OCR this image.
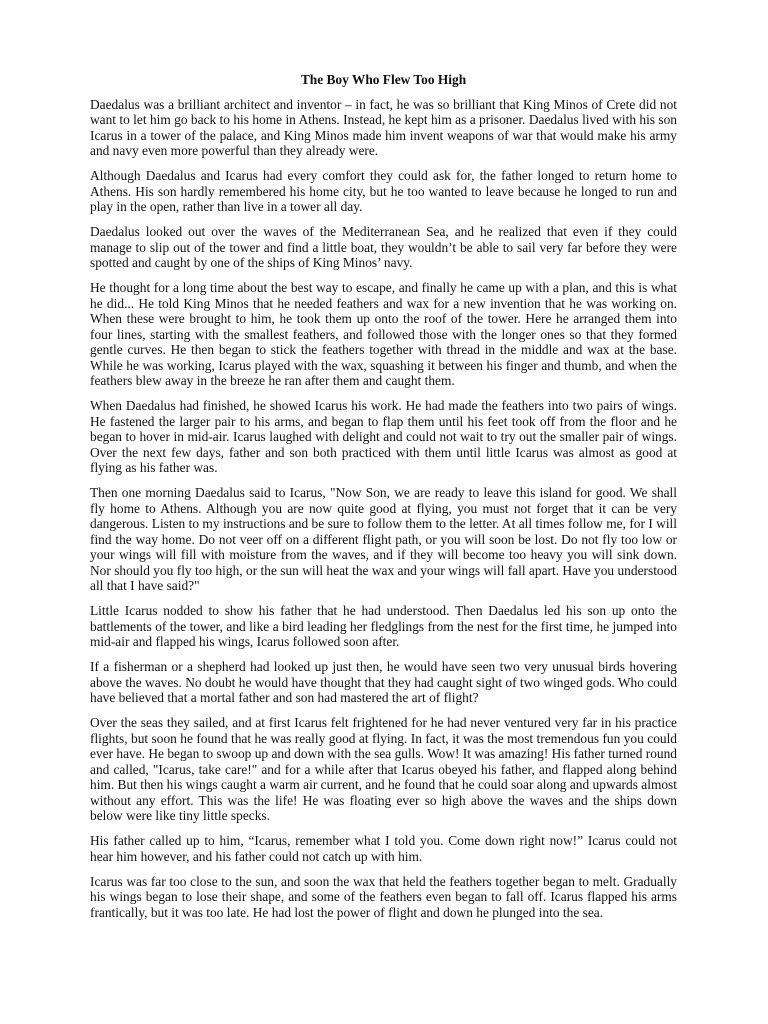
The Boy Who Flew Too High

Daedalus was a brilliant architect and inventor – in fact, he was so brilliant that King Minos of Crete did not want to let him go back to his home in Athens. Instead, he kept him as a prisoner. Daedalus lived with his son Icarus in a tower of the palace, and King Minos made him invent weapons of war that would make his army and navy even more powerful than they already were.

Although Daedalus and Icarus had every comfort they could ask for, the father longed to return home to Athens. His son hardly remembered his home city, but he too wanted to leave because he longed to run and play in the open, rather than live in a tower all day.

Daedalus looked out over the waves of the Mediterranean Sea, and he realized that even if they could manage to slip out of the tower and find a little boat, they wouldn’t be able to sail very far before they were spotted and caught by one of the ships of King Minos’ navy.

He thought for a long time about the best way to escape, and finally he came up with a plan, and this is what he did... He told King Minos that he needed feathers and wax for a new invention that he was working on. When these were brought to him, he took them up onto the roof of the tower. Here he arranged them into four lines, starting with the smallest feathers, and followed those with the longer ones so that they formed gentle curves. He then began to stick the feathers together with thread in the middle and wax at the base. While he was working, Icarus played with the wax, squashing it between his finger and thumb, and when the feathers blew away in the breeze he ran after them and caught them.

When Daedalus had finished, he showed Icarus his work. He had made the feathers into two pairs of wings. He fastened the larger pair to his arms, and began to flap them until his feet took off from the floor and he began to hover in mid-air. Icarus laughed with delight and could not wait to try out the smaller pair of wings. Over the next few days, father and son both practiced with them until little Icarus was almost as good at flying as his father was.

Then one morning Daedalus said to Icarus, "Now Son, we are ready to leave this island for good. We shall fly home to Athens. Although you are now quite good at flying, you must not forget that it can be very dangerous. Listen to my instructions and be sure to follow them to the letter. At all times follow me, for I will find the way home. Do not veer off on a different flight path, or you will soon be lost. Do not fly too low or your wings will fill with moisture from the waves, and if they will become too heavy you will sink down. Nor should you fly too high, or the sun will heat the wax and your wings will fall apart. Have you understood all that I have said?"

Little Icarus nodded to show his father that he had understood. Then Daedalus led his son up onto the battlements of the tower, and like a bird leading her fledglings from the nest for the first time, he jumped into mid-air and flapped his wings, Icarus followed soon after.

If a fisherman or a shepherd had looked up just then, he would have seen two very unusual birds hovering above the waves. No doubt he would have thought that they had caught sight of two winged gods. Who could have believed that a mortal father and son had mastered the art of flight?

Over the seas they sailed, and at first Icarus felt frightened for he had never ventured very far in his practice flights, but soon he found that he was really good at flying. In fact, it was the most tremendous fun you could ever have. He began to swoop up and down with the sea gulls. Wow! It was amazing! His father turned round and called, "Icarus, take care!" and for a while after that Icarus obeyed his father, and flapped along behind him. But then his wings caught a warm air current, and he found that he could soar along and upwards almost without any effort. This was the life! He was floating ever so high above the waves and the ships down below were like tiny little specks.

His father called up to him, “Icarus, remember what I told you. Come down right now!” Icarus could not hear him however, and his father could not catch up with him.

Icarus was far too close to the sun, and soon the wax that held the feathers together began to melt. Gradually his wings began to lose their shape, and some of the feathers even began to fall off. Icarus flapped his arms frantically, but it was too late. He had lost the power of flight and down he plunged into the sea.
